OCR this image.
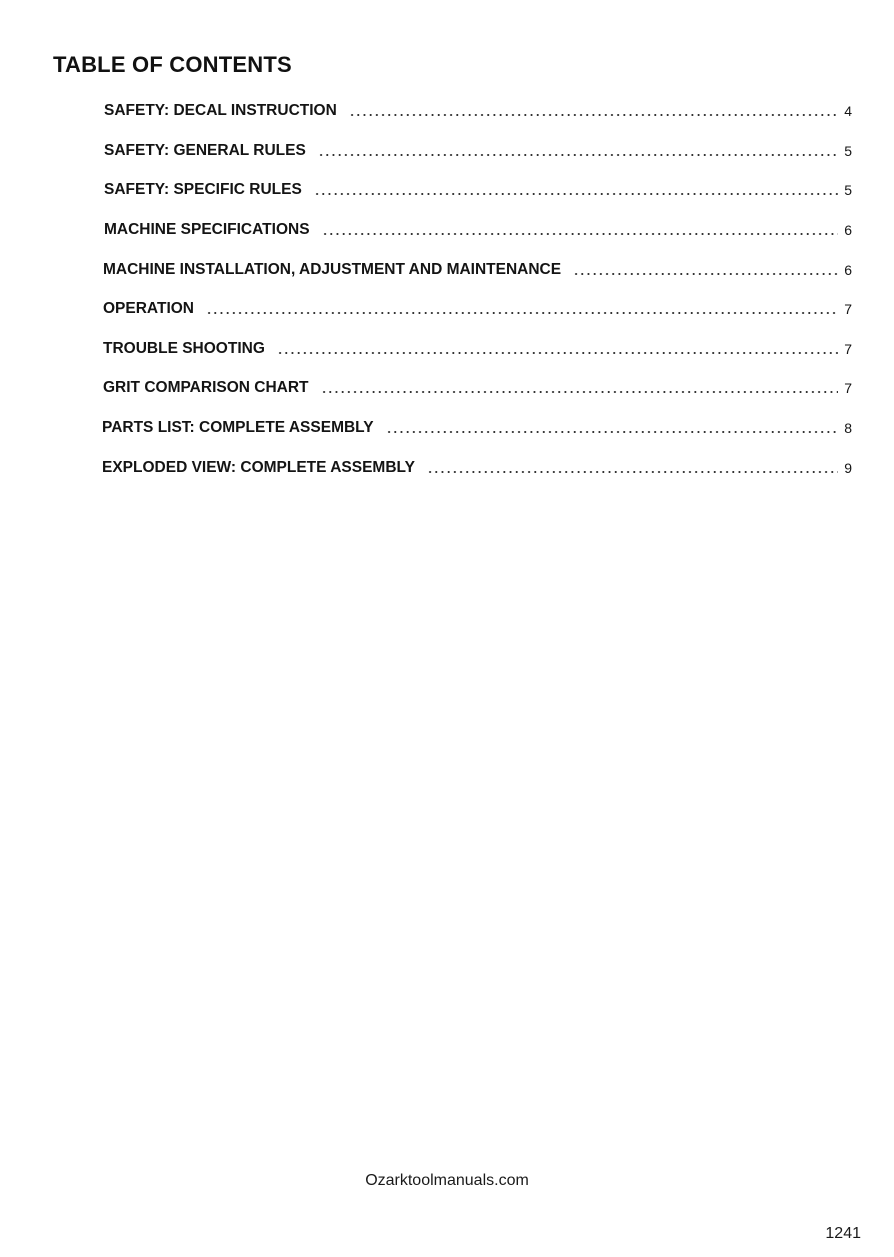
TABLE OF CONTENTS
SAFETY: DECAL INSTRUCTION	4
SAFETY: GENERAL RULES	5
SAFETY: SPECIFIC RULES	5
MACHINE SPECIFICATIONS	6
MACHINE INSTALLATION, ADJUSTMENT AND MAINTENANCE	6
OPERATION	7
TROUBLE SHOOTING	7
GRIT COMPARISON CHART	7
PARTS LIST: COMPLETE ASSEMBLY	8
EXPLODED VIEW: COMPLETE ASSEMBLY	9
Ozarktoolmanuals.com
1241
